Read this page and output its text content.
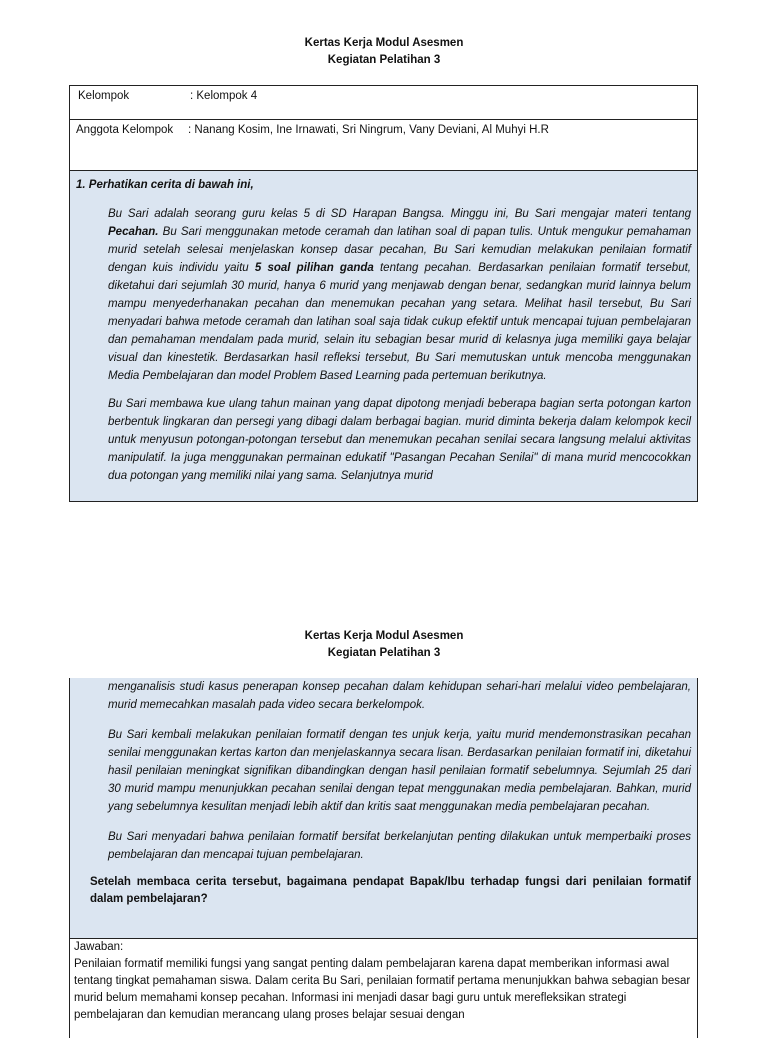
Kertas Kerja Modul Asesmen
Kegiatan Pelatihan 3
Kelompok	: Kelompok 4
Anggota Kelompok : Nanang Kosim, Ine Irnawati, Sri Ningrum, Vany Deviani, Al Muhyi H.R
1. Perhatikan cerita di bawah ini,

Bu Sari adalah seorang guru kelas 5 di SD Harapan Bangsa. Minggu ini, Bu Sari mengajar materi tentang Pecahan. Bu Sari menggunakan metode ceramah dan latihan soal di papan tulis. Untuk mengukur pemahaman murid setelah selesai menjelaskan konsep dasar pecahan, Bu Sari kemudian melakukan penilaian formatif dengan kuis individu yaitu 5 soal pilihan ganda tentang pecahan. Berdasarkan penilaian formatif tersebut, diketahui dari sejumlah 30 murid, hanya 6 murid yang menjawab dengan benar, sedangkan murid lainnya belum mampu menyederhanakan pecahan dan menemukan pecahan yang setara. Melihat hasil tersebut, Bu Sari menyadari bahwa metode ceramah dan latihan soal saja tidak cukup efektif untuk mencapai tujuan pembelajaran dan pemahaman mendalam pada murid, selain itu sebagian besar murid di kelasnya juga memiliki gaya belajar visual dan kinestetik. Berdasarkan hasil refleksi tersebut, Bu Sari memutuskan untuk mencoba menggunakan Media Pembelajaran dan model Problem Based Learning pada pertemuan berikutnya.

Bu Sari membawa kue ulang tahun mainan yang dapat dipotong menjadi beberapa bagian serta potongan karton berbentuk lingkaran dan persegi yang dibagi dalam berbagai bagian. murid diminta bekerja dalam kelompok kecil untuk menyusun potongan-potongan tersebut dan menemukan pecahan senilai secara langsung melalui aktivitas manipulatif. Ia juga menggunakan permainan edukatif "Pasangan Pecahan Senilai" di mana murid mencocokkan dua potongan yang memiliki nilai yang sama. Selanjutnya murid

Kertas Kerja Modul Asesmen
Kegiatan Pelatihan 3

menganalisis studi kasus penerapan konsep pecahan dalam kehidupan sehari-hari melalui video pembelajaran, murid memecahkan masalah pada video secara berkelompok.

Bu Sari kembali melakukan penilaian formatif dengan tes unjuk kerja, yaitu murid mendemonstrasikan pecahan senilai menggunakan kertas karton dan menjelaskannya secara lisan. Berdasarkan penilaian formatif ini, diketahui hasil penilaian meningkat signifikan dibandingkan dengan hasil penilaian formatif sebelumnya. Sejumlah 25 dari 30 murid mampu menunjukkan pecahan senilai dengan tepat menggunakan media pembelajaran. Bahkan, murid yang sebelumnya kesulitan menjadi lebih aktif dan kritis saat menggunakan media pembelajaran pecahan.

Bu Sari menyadari bahwa penilaian formatif bersifat berkelanjutan penting dilakukan untuk memperbaiki proses pembelajaran dan mencapai tujuan pembelajaran.

Setelah membaca cerita tersebut, bagaimana pendapat Bapak/Ibu terhadap fungsi dari penilaian formatif dalam pembelajaran?
Jawaban:
Penilaian formatif memiliki fungsi yang sangat penting dalam pembelajaran karena dapat memberikan informasi awal tentang tingkat pemahaman siswa. Dalam cerita Bu Sari, penilaian formatif pertama menunjukkan bahwa sebagian besar murid belum memahami konsep pecahan. Informasi ini menjadi dasar bagi guru untuk merefleksikan strategi pembelajaran dan kemudian merancang ulang proses belajar sesuai dengan
